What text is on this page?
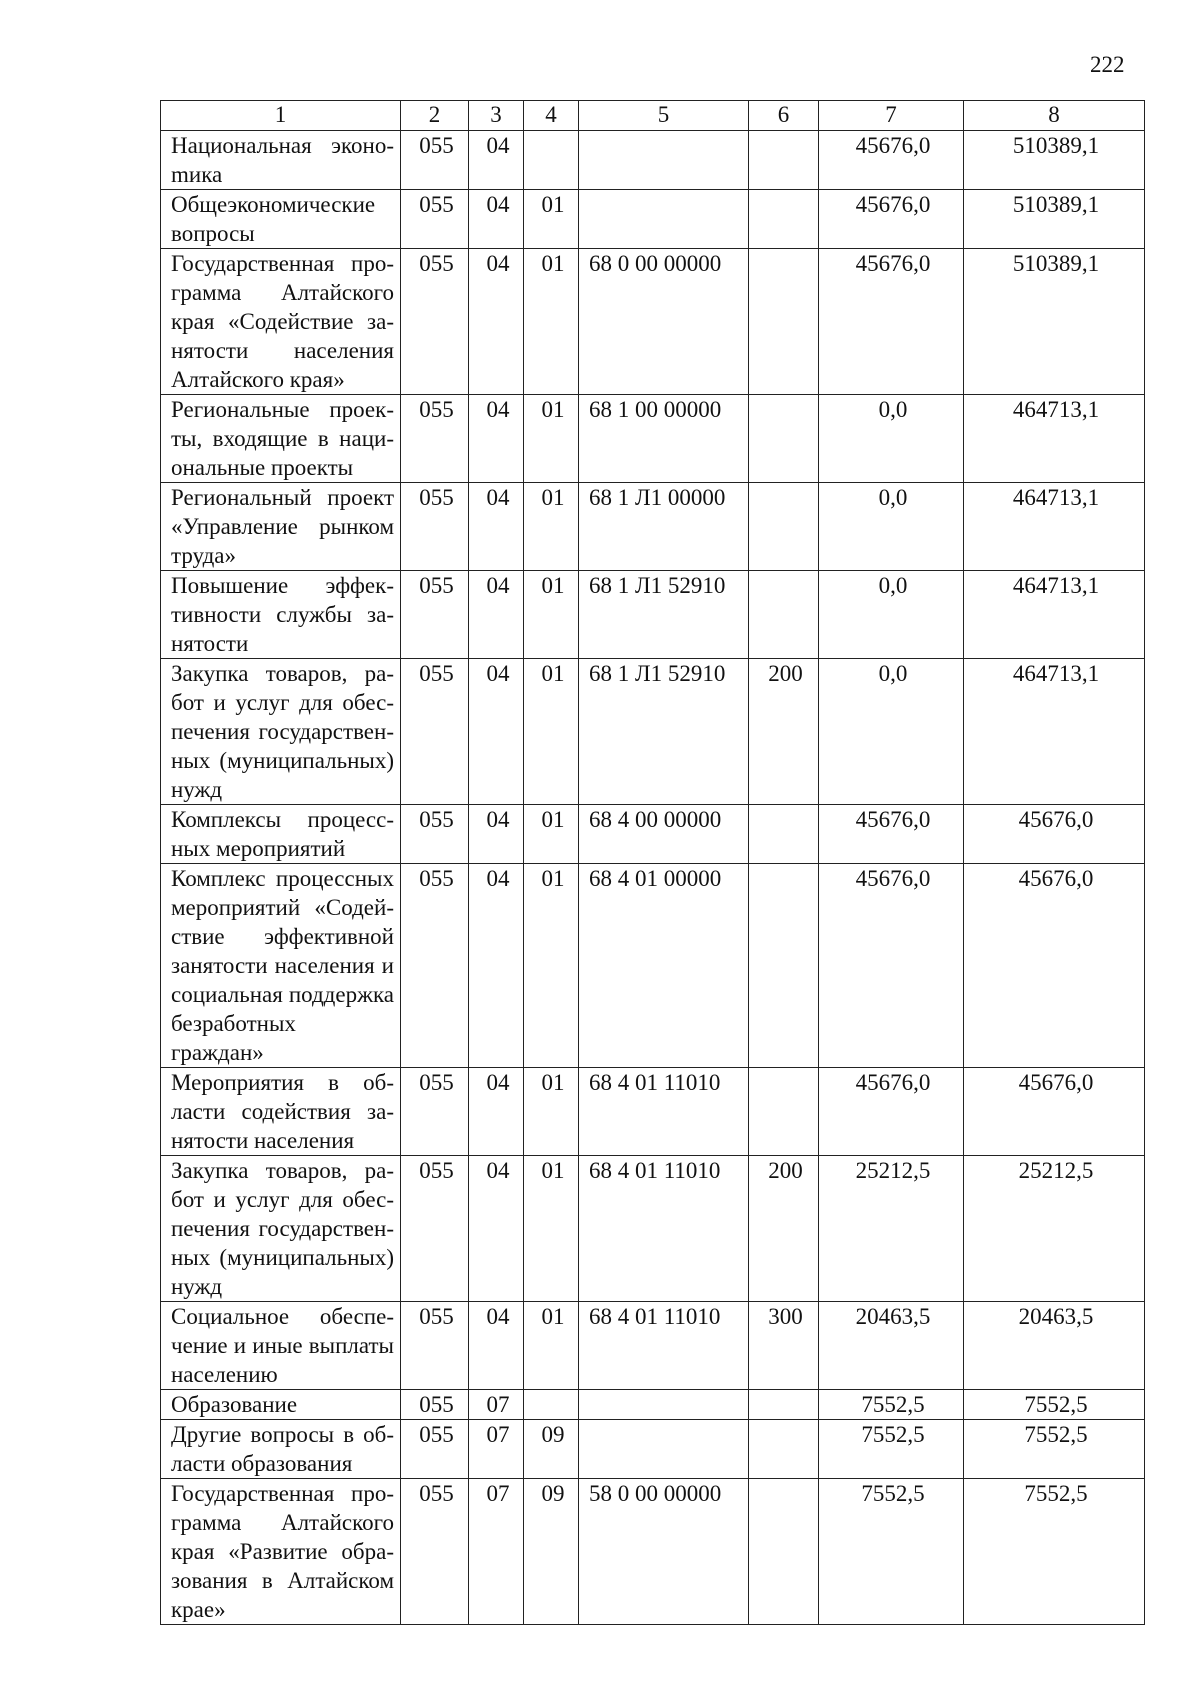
222
1	2	3	4	5	6	7	8
Национальная эконоmика	055	04				45676,0	510389,1
Общеэкономические вопросы	055	04	01			45676,0	510389,1
Государственная программа Алтайского края «Содействие занятости населения Алтайского края»	055	04	01	68 0 00 00000		45676,0	510389,1
Региональные проекты, входящие в национальные проекты	055	04	01	68 1 00 00000		0,0	464713,1
Региональный проект «Управление рынком труда»	055	04	01	68 1 Л1 00000		0,0	464713,1
Повышение эффективности службы занятости	055	04	01	68 1 Л1 52910		0,0	464713,1
Закупка товаров, работ и услуг для обеспечения государственных (муниципальных) нужд	055	04	01	68 1 Л1 52910	200	0,0	464713,1
Комплексы процессных мероприятий	055	04	01	68 4 00 00000		45676,0	45676,0
Комплекс процессных мероприятий «Содействие эффективной занятости населения и социальная поддержка безработных граждан»	055	04	01	68 4 01 00000		45676,0	45676,0
Мероприятия в области содействия занятости населения	055	04	01	68 4 01 11010		45676,0	45676,0
Закупка товаров, работ и услуг для обеспечения государственных (муниципальных) нужд	055	04	01	68 4 01 11010	200	25212,5	25212,5
Социальное обеспечение и иные выплаты населению	055	04	01	68 4 01 11010	300	20463,5	20463,5
Образование	055	07				7552,5	7552,5
Другие вопросы в области образования	055	07	09			7552,5	7552,5
Государственная программа Алтайского края «Развитие образования в Алтайском крае»	055	07	09	58 0 00 00000		7552,5	7552,5
